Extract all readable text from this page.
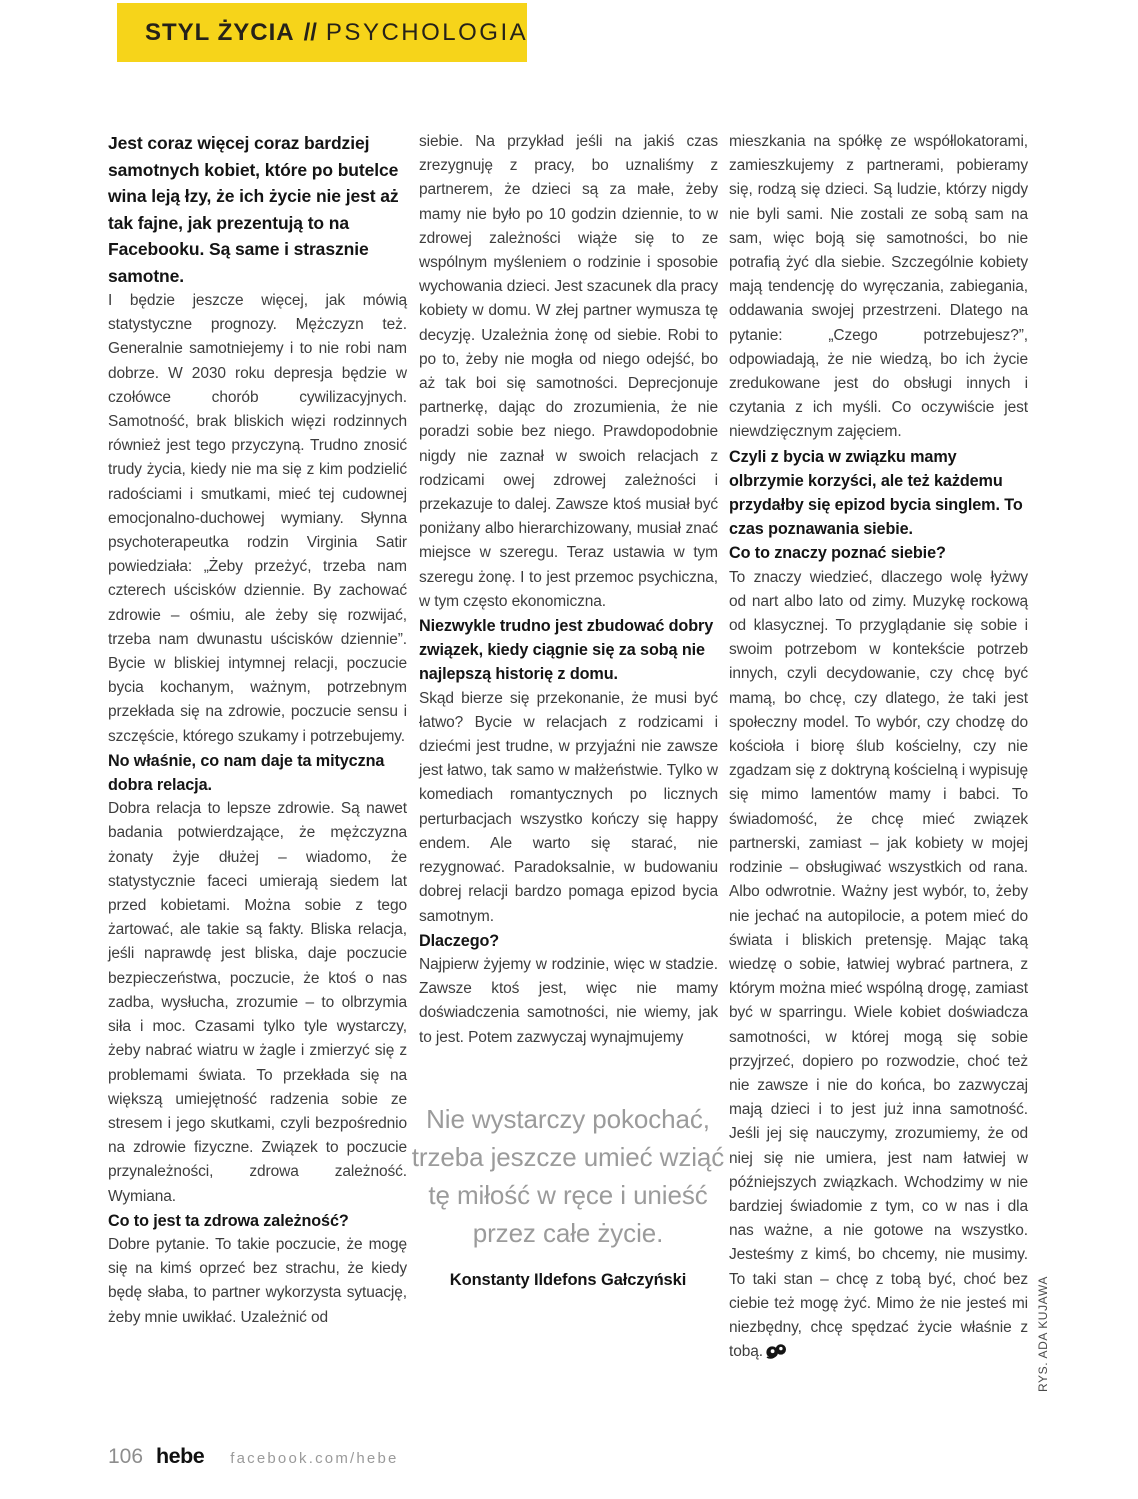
STYL ŻYCIA // PSYCHOLOGIA

Jest coraz więcej coraz bardziej samotnych kobiet, które po butelce wina leją łzy, że ich życie nie jest aż tak fajne, jak prezentują to na Facebooku. Są same i strasznie samotne.

I będzie jeszcze więcej, jak mówią statystyczne prognozy. Mężczyzn też. Generalnie samotniejemy i to nie robi nam dobrze. W 2030 roku depresja będzie w czołówce chorób cywilizacyjnych. Samotność, brak bliskich więzi rodzinnych również jest tego przyczyną. Trudno znosić trudy życia, kiedy nie ma się z kim podzielić radościami i smutkami, mieć tej cudownej emocjonalno-duchowej wymiany. Słynna psychoterapeutka rodzin Virginia Satir powiedziała: „Żeby przeżyć, trzeba nam czterech uścisków dziennie. By zachować zdrowie – ośmiu, ale żeby się rozwijać, trzeba nam dwunastu uścisków dziennie”. Bycie w bliskiej intymnej relacji, poczucie bycia kochanym, ważnym, potrzebnym przekłada się na zdrowie, poczucie sensu i szczęście, którego szukamy i potrzebujemy.

No właśnie, co nam daje ta mityczna dobra relacja.

Dobra relacja to lepsze zdrowie. Są nawet badania potwierdzające, że mężczyzna żonaty żyje dłużej – wiadomo, że statystycznie faceci umierają siedem lat przed kobietami. Można sobie z tego żartować, ale takie są fakty. Bliska relacja, jeśli naprawdę jest bliska, daje poczucie bezpieczeństwa, poczucie, że ktoś o nas zadba, wysłucha, zrozumie – to olbrzymia siła i moc. Czasami tylko tyle wystarczy, żeby nabrać wiatru w żagle i zmierzyć się z problemami świata. To przekłada się na większą umiejętność radzenia sobie ze stresem i jego skutkami, czyli bezpośrednio na zdrowie fizyczne. Związek to poczucie przynależności, zdrowa zależność. Wymiana.

Co to jest ta zdrowa zależność?

Dobre pytanie. To takie poczucie, że mogę się na kimś oprzeć bez strachu, że kiedy będę słaba, to partner wykorzysta sytuację, żeby mnie uwikłać. Uzależnić od

siebie. Na przykład jeśli na jakiś czas zrezygnuję z pracy, bo uznaliśmy z partnerem, że dzieci są za małe, żeby mamy nie było po 10 godzin dziennie, to w zdrowej zależności wiąże się to ze wspólnym myśleniem o rodzinie i sposobie wychowania dzieci. Jest szacunek dla pracy kobiety w domu. W złej partner wymusza tę decyzję. Uzależnia żonę od siebie. Robi to po to, żeby nie mogła od niego odejść, bo aż tak boi się samotności. Deprecjonuje partnerkę, dając do zrozumienia, że nie poradzi sobie bez niego. Prawdopodobnie nigdy nie zaznał w swoich relacjach z rodzicami owej zdrowej zależności i przekazuje to dalej. Zawsze ktoś musiał być poniżany albo hierarchizowany, musiał znać miejsce w szeregu. Teraz ustawia w tym szeregu żonę. I to jest przemoc psychiczna, w tym często ekonomiczna.

Niezwykle trudno jest zbudować dobry związek, kiedy ciągnie się za sobą nie najlepszą historię z domu.

Skąd bierze się przekonanie, że musi być łatwo? Bycie w relacjach z rodzicami i dziećmi jest trudne, w przyjaźni nie zawsze jest łatwo, tak samo w małżeństwie. Tylko w komediach romantycznych po licznych perturbacjach wszystko kończy się happy endem. Ale warto się starać, nie rezygnować. Paradoksalnie, w budowaniu dobrej relacji bardzo pomaga epizod bycia samotnym.

Dlaczego?

Najpierw żyjemy w rodzinie, więc w stadzie. Zawsze ktoś jest, więc nie mamy doświadczenia samotności, nie wiemy, jak to jest. Potem zazwyczaj wynajmujemy

Nie wystarczy pokochać, trzeba jeszcze umieć wziąć tę miłość w ręce i unieść przez całe życie.
Konstanty Ildefons Gałczyński

mieszkania na spółkę ze współlokatorami, zamieszkujemy z partnerami, pobieramy się, rodzą się dzieci. Są ludzie, którzy nigdy nie byli sami. Nie zostali ze sobą sam na sam, więc boją się samotności, bo nie potrafią żyć dla siebie. Szczególnie kobiety mają tendencję do wyręczania, zabiegania, oddawania swojej przestrzeni. Dlatego na pytanie: „Czego potrzebujesz?”, odpowiadają, że nie wiedzą, bo ich życie zredukowane jest do obsługi innych i czytania z ich myśli. Co oczywiście jest niewdzięcznym zajęciem.

Czyli z bycia w związku mamy olbrzymie korzyści, ale też każdemu przydałby się epizod bycia singlem. To czas poznawania siebie.
Co to znaczy poznać siebie?

To znaczy wiedzieć, dlaczego wolę łyżwy od nart albo lato od zimy. Muzykę rockową od klasycznej. To przyglądanie się sobie i swoim potrzebom w kontekście potrzeb innych, czyli decydowanie, czy chcę być mamą, bo chcę, czy dlatego, że taki jest społeczny model. To wybór, czy chodzę do kościoła i biorę ślub kościelny, czy nie zgadzam się z doktryną kościelną i wypisuję się mimo lamentów mamy i babci. To świadomość, że chcę mieć związek partnerski, zamiast – jak kobiety w mojej rodzinie – obsługiwać wszystkich od rana. Albo odwrotnie. Ważny jest wybór, to, żeby nie jechać na autopilocie, a potem mieć do świata i bliskich pretensję. Mając taką wiedzę o sobie, łatwiej wybrać partnera, z którym można mieć wspólną drogę, zamiast być w sparringu. Wiele kobiet doświadcza samotności, w której mogą się sobie przyjrzeć, dopiero po rozwodzie, choć też nie zawsze i nie do końca, bo zazwyczaj mają dzieci i to jest już inna samotność. Jeśli jej się nauczymy, zrozumiemy, że od niej się nie umiera, jest nam łatwiej w późniejszych związkach. Wchodzimy w nie bardziej świadomie z tym, co w nas i dla nas ważne, a nie gotowe na wszystko. Jesteśmy z kimś, bo chcemy, nie musimy. To taki stan – chcę z tobą być, choć bez ciebie też mogę żyć. Mimo że nie jesteś mi niezbędny, chcę spędzać życie właśnie z tobą.	RYS. ADA KUJAWA
106 hebe facebook.com/hebe
